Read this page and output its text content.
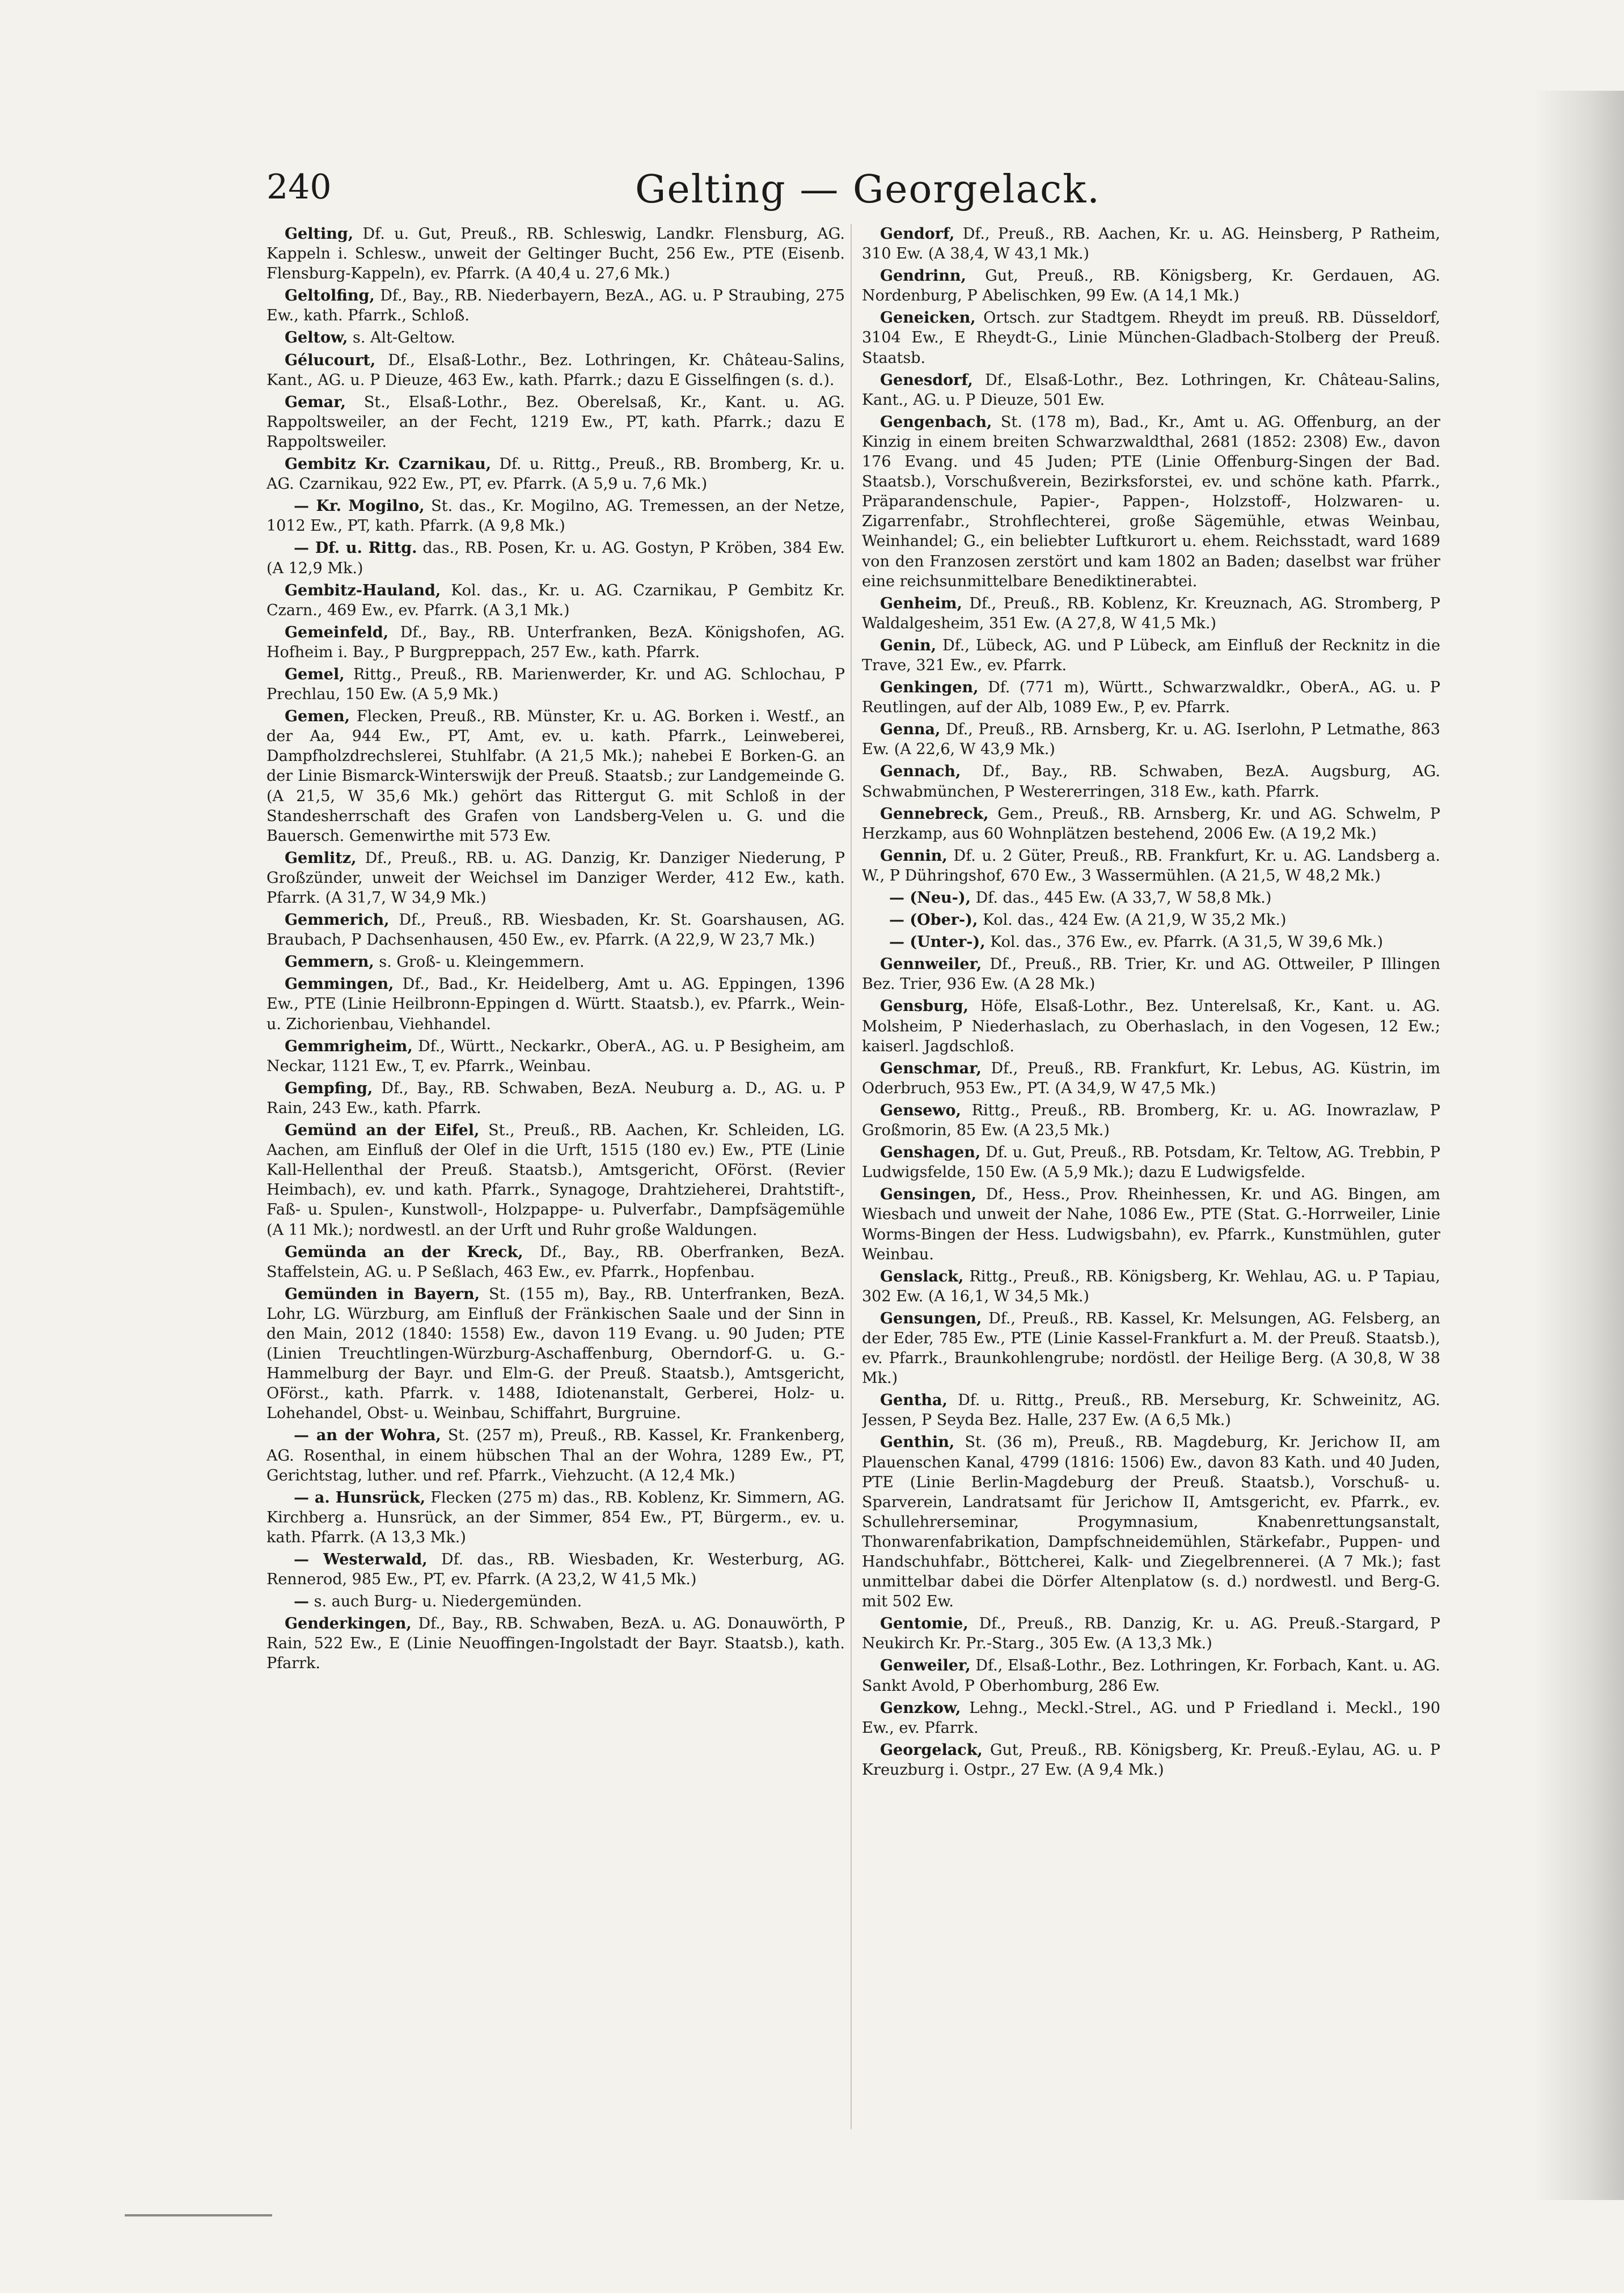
240	Gelting — Georgelack.

Gelting, Df. u. Gut, Preuß., RB. Schleswig, Landkr. Flensburg, AG. Kappeln i. Schlesw., unweit der Geltinger Bucht, 256 Ew., PTE (Eisenb. Flensburg-Kappeln), ev. Pfarrk. (A 40,4 u. 27,6 Mk.)

Geltolfing, Df., Bay., RB. Niederbayern, BezA., AG. u. P Straubing, 275 Ew., kath. Pfarrk., Schloß.

Geltow, s. Alt-Geltow.

Gélucourt, Df., Elsaß-Lothr., Bez. Lothringen, Kr. Château-Salins, Kant., AG. u. P Dieuze, 463 Ew., kath. Pfarrk.; dazu E Gisselfingen (s. d.).

Gemar, St., Elsaß-Lothr., Bez. Oberelsaß, Kr., Kant. u. AG. Rappoltsweiler, an der Fecht, 1219 Ew., PT, kath. Pfarrk.; dazu E Rappoltsweiler.

Gembitz Kr. Czarnikau, Df. u. Rittg., Preuß., RB. Bromberg, Kr. u. AG. Czarnikau, 922 Ew., PT, ev. Pfarrk. (A 5,9 u. 7,6 Mk.)

— Kr. Mogilno, St. das., Kr. Mogilno, AG. Tremessen, an der Netze, 1012 Ew., PT, kath. Pfarrk. (A 9,8 Mk.)

— Df. u. Rittg. das., RB. Posen, Kr. u. AG. Gostyn, P Kröben, 384 Ew. (A 12,9 Mk.)

Gembitz-Hauland, Kol. das., Kr. u. AG. Czarnikau, P Gembitz Kr. Czarn., 469 Ew., ev. Pfarrk. (A 3,1 Mk.)

Gemeinfeld, Df., Bay., RB. Unterfranken, BezA. Königshofen, AG. Hofheim i. Bay., P Burgpreppach, 257 Ew., kath. Pfarrk.

Gemel, Rittg., Preuß., RB. Marienwerder, Kr. und AG. Schlochau, P Prechlau, 150 Ew. (A 5,9 Mk.)

Gemen, Flecken, Preuß., RB. Münster, Kr. u. AG. Borken i. Westf., an der Aa, 944 Ew., PT, Amt, ev. u. kath. Pfarrk., Leinweberei, Dampfholzdrechslerei, Stuhlfabr. (A 21,5 Mk.); nahebei E Borken-G. an der Linie Bismarck-Winterswijk der Preuß. Staatsb.; zur Landgemeinde G. (A 21,5, W 35,6 Mk.) gehört das Rittergut G. mit Schloß in der Standesherrschaft des Grafen von Landsberg-Velen u. G. und die Bauersch. Gemenwirthe mit 573 Ew.

Gemlitz, Df., Preuß., RB. u. AG. Danzig, Kr. Danziger Niederung, P Großzünder, unweit der Weichsel im Danziger Werder, 412 Ew., kath. Pfarrk. (A 31,7, W 34,9 Mk.)

Gemmerich, Df., Preuß., RB. Wiesbaden, Kr. St. Goarshausen, AG. Braubach, P Dachsenhausen, 450 Ew., ev. Pfarrk. (A 22,9, W 23,7 Mk.)

Gemmern, s. Groß- u. Kleingemmern.

Gemmingen, Df., Bad., Kr. Heidelberg, Amt u. AG. Eppingen, 1396 Ew., PTE (Linie Heilbronn-Eppingen d. Württ. Staatsb.), ev. Pfarrk., Wein- u. Zichorienbau, Viehhandel.

Gemmrigheim, Df., Württ., Neckarkr., OberA., AG. u. P Besigheim, am Neckar, 1121 Ew., T, ev. Pfarrk., Weinbau.

Gempfing, Df., Bay., RB. Schwaben, BezA. Neuburg a. D., AG. u. P Rain, 243 Ew., kath. Pfarrk.

Gemünd an der Eifel, St., Preuß., RB. Aachen, Kr. Schleiden, LG. Aachen, am Einfluß der Olef in die Urft, 1515 (180 ev.) Ew., PTE (Linie Kall-Hellenthal der Preuß. Staatsb.), Amtsgericht, OFörst. (Revier Heimbach), ev. und kath. Pfarrk., Synagoge, Drahtzieherei, Drahtstift-, Faß- u. Spulen-, Kunstwoll-, Holzpappe- u. Pulverfabr., Dampfsägemühle (A 11 Mk.); nordwestl. an der Urft und Ruhr große Waldungen.

Gemünda an der Kreck, Df., Bay., RB. Oberfranken, BezA. Staffelstein, AG. u. P Seßlach, 463 Ew., ev. Pfarrk., Hopfenbau.

Gemünden in Bayern, St. (155 m), Bay., RB. Unterfranken, BezA. Lohr, LG. Würzburg, am Einfluß der Fränkischen Saale und der Sinn in den Main, 2012 (1840: 1558) Ew., davon 119 Evang. u. 90 Juden; PTE (Linien Treuchtlingen-Würzburg-Aschaffenburg, Oberndorf-G. u. G.-Hammelburg der Bayr. und Elm-G. der Preuß. Staatsb.), Amtsgericht, OFörst., kath. Pfarrk. v. 1488, Idiotenanstalt, Gerberei, Holz- u. Lohehandel, Obst- u. Weinbau, Schiffahrt, Burgruine.

— an der Wohra, St. (257 m), Preuß., RB. Kassel, Kr. Frankenberg, AG. Rosenthal, in einem hübschen Thal an der Wohra, 1289 Ew., PT, Gerichtstag, luther. und ref. Pfarrk., Viehzucht. (A 12,4 Mk.)

— a. Hunsrück, Flecken (275 m) das., RB. Koblenz, Kr. Simmern, AG. Kirchberg a. Hunsrück, an der Simmer, 854 Ew., PT, Bürgerm., ev. u. kath. Pfarrk. (A 13,3 Mk.)

— Westerwald, Df. das., RB. Wiesbaden, Kr. Westerburg, AG. Rennerod, 985 Ew., PT, ev. Pfarrk. (A 23,2, W 41,5 Mk.)

— s. auch Burg- u. Niedergemünden.

Genderkingen, Df., Bay., RB. Schwaben, BezA. u. AG. Donauwörth, P Rain, 522 Ew., E (Linie Neuoffingen-Ingolstadt der Bayr. Staatsb.), kath. Pfarrk.

Gendorf, Df., Preuß., RB. Aachen, Kr. u. AG. Heinsberg, P Ratheim, 310 Ew. (A 38,4, W 43,1 Mk.)

Gendrinn, Gut, Preuß., RB. Königsberg, Kr. Gerdauen, AG. Nordenburg, P Abelischken, 99 Ew. (A 14,1 Mk.)

Geneicken, Ortsch. zur Stadtgem. Rheydt im preuß. RB. Düsseldorf, 3104 Ew., E Rheydt-G., Linie München-Gladbach-Stolberg der Preuß. Staatsb.

Genesdorf, Df., Elsaß-Lothr., Bez. Lothringen, Kr. Château-Salins, Kant., AG. u. P Dieuze, 501 Ew.

Gengenbach, St. (178 m), Bad., Kr., Amt u. AG. Offenburg, an der Kinzig in einem breiten Schwarzwaldthal, 2681 (1852: 2308) Ew., davon 176 Evang. und 45 Juden; PTE (Linie Offenburg-Singen der Bad. Staatsb.), Vorschußverein, Bezirksforstei, ev. und schöne kath. Pfarrk., Präparandenschule, Papier-, Pappen-, Holzstoff-, Holzwaren- u. Zigarrenfabr., Strohflechterei, große Sägemühle, etwas Weinbau, Weinhandel; G., ein beliebter Luftkurort u. ehem. Reichsstadt, ward 1689 von den Franzosen zerstört und kam 1802 an Baden; daselbst war früher eine reichsunmittelbare Benediktinerabtei.

Genheim, Df., Preuß., RB. Koblenz, Kr. Kreuznach, AG. Stromberg, P Waldalgesheim, 351 Ew. (A 27,8, W 41,5 Mk.)

Genin, Df., Lübeck, AG. und P Lübeck, am Einfluß der Recknitz in die Trave, 321 Ew., ev. Pfarrk.

Genkingen, Df. (771 m), Württ., Schwarzwaldkr., OberA., AG. u. P Reutlingen, auf der Alb, 1089 Ew., P, ev. Pfarrk.

Genna, Df., Preuß., RB. Arnsberg, Kr. u. AG. Iserlohn, P Letmathe, 863 Ew. (A 22,6, W 43,9 Mk.)

Gennach, Df., Bay., RB. Schwaben, BezA. Augsburg, AG. Schwabmünchen, P Westererringen, 318 Ew., kath. Pfarrk.

Gennebreck, Gem., Preuß., RB. Arnsberg, Kr. und AG. Schwelm, P Herzkamp, aus 60 Wohnplätzen bestehend, 2006 Ew. (A 19,2 Mk.)

Gennin, Df. u. 2 Güter, Preuß., RB. Frankfurt, Kr. u. AG. Landsberg a. W., P Dühringshof, 670 Ew., 3 Wassermühlen. (A 21,5, W 48,2 Mk.)

— (Neu-), Df. das., 445 Ew. (A 33,7, W 58,8 Mk.)

— (Ober-), Kol. das., 424 Ew. (A 21,9, W 35,2 Mk.)

— (Unter-), Kol. das., 376 Ew., ev. Pfarrk. (A 31,5, W 39,6 Mk.)

Gennweiler, Df., Preuß., RB. Trier, Kr. und AG. Ottweiler, P Illingen Bez. Trier, 936 Ew. (A 28 Mk.)

Gensburg, Höfe, Elsaß-Lothr., Bez. Unterelsaß, Kr., Kant. u. AG. Molsheim, P Niederhaslach, zu Oberhaslach, in den Vogesen, 12 Ew.; kaiserl. Jagdschloß.

Genschmar, Df., Preuß., RB. Frankfurt, Kr. Lebus, AG. Küstrin, im Oderbruch, 953 Ew., PT. (A 34,9, W 47,5 Mk.)

Gensewo, Rittg., Preuß., RB. Bromberg, Kr. u. AG. Inowrazlaw, P Großmorin, 85 Ew. (A 23,5 Mk.)

Genshagen, Df. u. Gut, Preuß., RB. Potsdam, Kr. Teltow, AG. Trebbin, P Ludwigsfelde, 150 Ew. (A 5,9 Mk.); dazu E Ludwigsfelde.

Gensingen, Df., Hess., Prov. Rheinhessen, Kr. und AG. Bingen, am Wiesbach und unweit der Nahe, 1086 Ew., PTE (Stat. G.-Horrweiler, Linie Worms-Bingen der Hess. Ludwigsbahn), ev. Pfarrk., Kunstmühlen, guter Weinbau.

Genslack, Rittg., Preuß., RB. Königsberg, Kr. Wehlau, AG. u. P Tapiau, 302 Ew. (A 16,1, W 34,5 Mk.)

Gensungen, Df., Preuß., RB. Kassel, Kr. Melsungen, AG. Felsberg, an der Eder, 785 Ew., PTE (Linie Kassel-Frankfurt a. M. der Preuß. Staatsb.), ev. Pfarrk., Braunkohlengrube; nordöstl. der Heilige Berg. (A 30,8, W 38 Mk.)

Gentha, Df. u. Rittg., Preuß., RB. Merseburg, Kr. Schweinitz, AG. Jessen, P Seyda Bez. Halle, 237 Ew. (A 6,5 Mk.)

Genthin, St. (36 m), Preuß., RB. Magdeburg, Kr. Jerichow II, am Plauenschen Kanal, 4799 (1816: 1506) Ew., davon 83 Kath. und 40 Juden, PTE (Linie Berlin-Magdeburg der Preuß. Staatsb.), Vorschuß- u. Sparverein, Landratsamt für Jerichow II, Amtsgericht, ev. Pfarrk., ev. Schullehrerseminar, Progymnasium, Knabenrettungsanstalt, Thonwarenfabrikation, Dampfschneidemühlen, Stärkefabr., Puppen- und Handschuhfabr., Böttcherei, Kalk- und Ziegelbrennerei. (A 7 Mk.); fast unmittelbar dabei die Dörfer Altenplatow (s. d.) nordwestl. und Berg-G. mit 502 Ew.

Gentomie, Df., Preuß., RB. Danzig, Kr. u. AG. Preuß.-Stargard, P Neukirch Kr. Pr.-Starg., 305 Ew. (A 13,3 Mk.)

Genweiler, Df., Elsaß-Lothr., Bez. Lothringen, Kr. Forbach, Kant. u. AG. Sankt Avold, P Oberhomburg, 286 Ew.

Genzkow, Lehng., Meckl.-Strel., AG. und P Friedland i. Meckl., 190 Ew., ev. Pfarrk.

Georgelack, Gut, Preuß., RB. Königsberg, Kr. Preuß.-Eylau, AG. u. P Kreuzburg i. Ostpr., 27 Ew. (A 9,4 Mk.)
